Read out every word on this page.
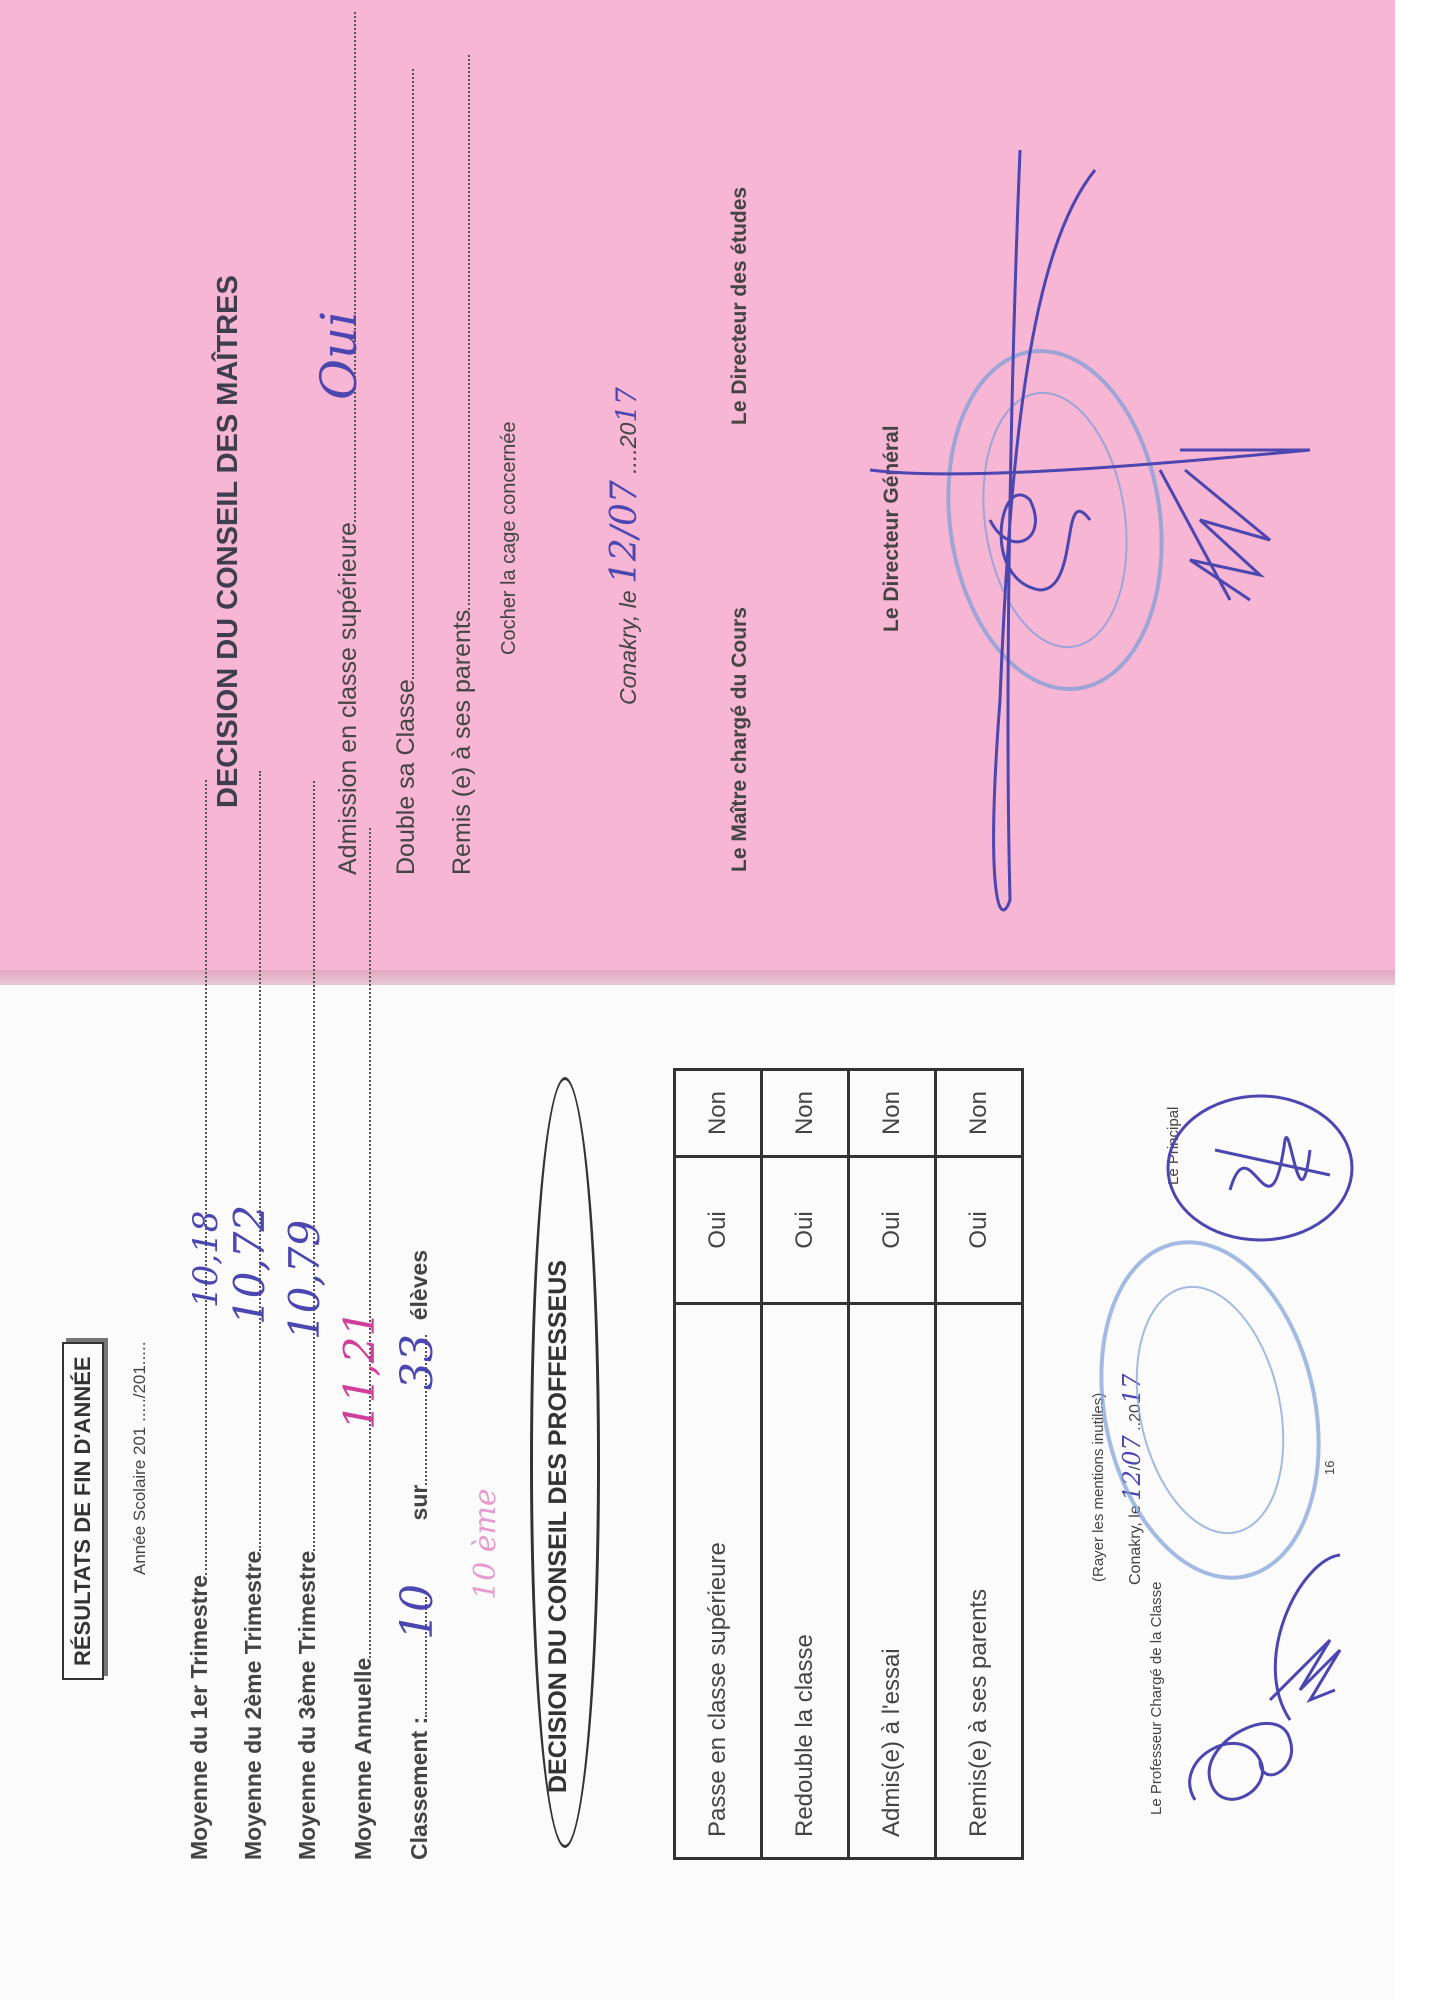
DECISION DU CONSEIL DES MAÎTRES	Admission en classe supérieure
Oui
Double sa Classe Remis (e) à ses parents
Cocher la cage concernée	Conakry, le 12/07 ....2017
Le Maître chargé du Cours
Le Directeur Général
Le Directeur des études
RÉSULTATS DE FIN D'ANNÉE	Année Scolaire 201 ...../201.....
Moyenne du 1er Trimestre
10,18
Moyenne du 2ème Trimestre
10,72
Moyenne du 3ème Trimestre
10,79
Moyenne Annuelle
11,21
Classement : sur élèves
10
33
10 ème DECISION DU CONSEIL DES PROFFESSEUS	Passe en classe supérieure	Oui	Non
Redouble la classe	Oui	Non
Admis(e) à l'essai	Oui	Non
Remis(e) à ses parents	Oui	Non
(Rayer les mentions inutiles)	Conakry, le 12/07 ..2017
Le Professeur Chargé de la Classe
Le Principal
16
